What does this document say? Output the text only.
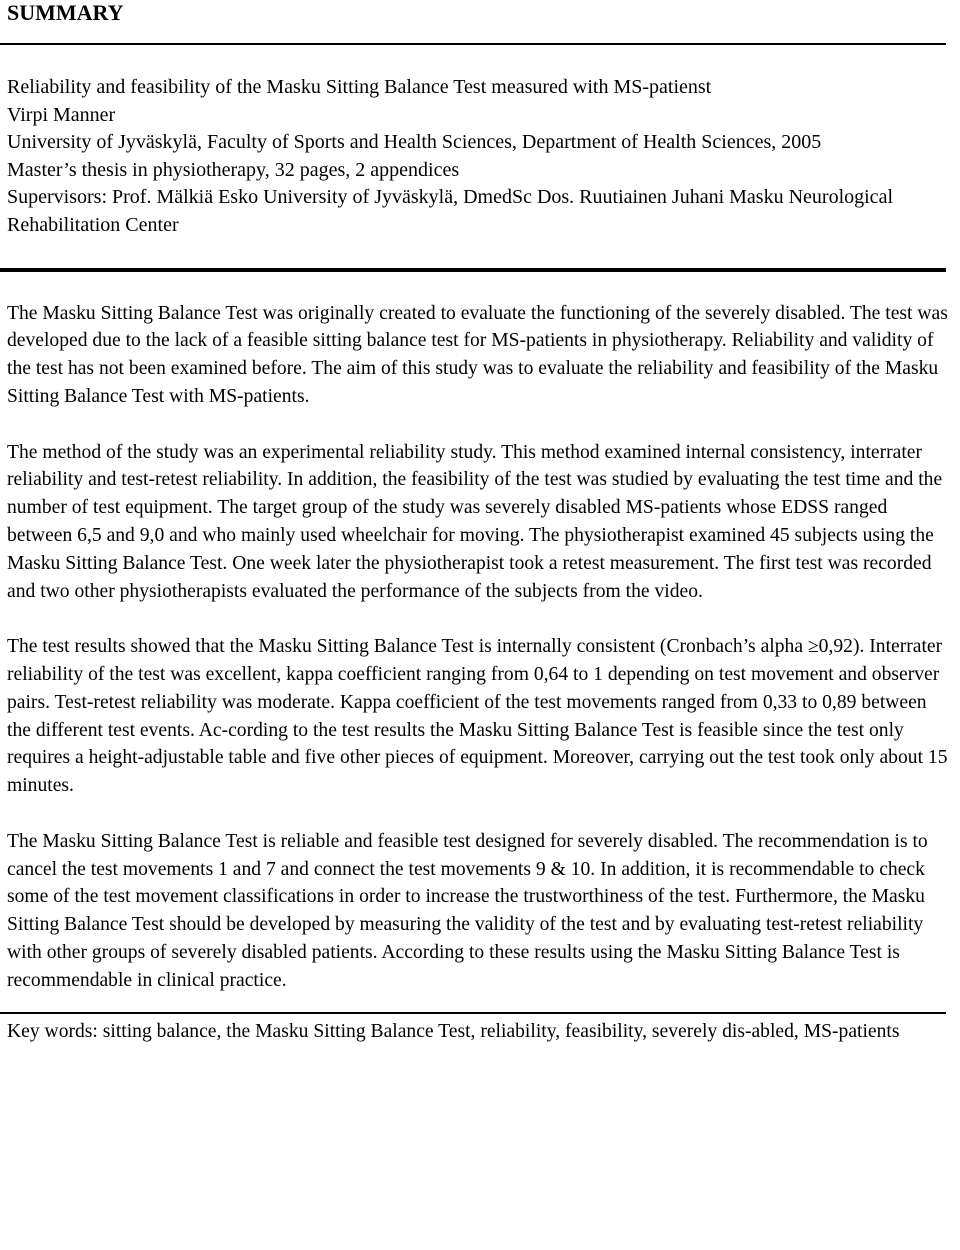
SUMMARY
Reliability and feasibility of the Masku Sitting Balance Test measured with MS-patienst
Virpi Manner
University of Jyväskylä, Faculty of Sports and Health Sciences, Department of Health Sciences, 2005
Master’s thesis in physiotherapy, 32 pages, 2 appendices
Supervisors: Prof. Mälkiä Esko University of Jyväskylä, DmedSc Dos. Ruutiainen Juhani Masku Neurological Rehabilitation Center

The Masku Sitting Balance Test was originally created to evaluate the functioning of the severely disabled. The test was developed due to the lack of a feasible sitting balance test for MS-patients in physiotherapy. Reliability and validity of the test has not been examined before. The aim of this study was to evaluate the reliability and feasibility of the Masku Sitting Balance Test with MS-patients.

The method of the study was an experimental reliability study. This method examined internal consistency, interrater reliability and test-retest reliability. In addition, the feasibility of the test was studied by evaluating the test time and the number of test equipment. The target group of the study was severely disabled MS-patients whose EDSS ranged between 6,5 and 9,0 and who mainly used wheelchair for moving. The physiotherapist examined 45 subjects using the Masku Sitting Balance Test. One week later the physiotherapist took a retest measurement. The first test was recorded and two other physiotherapists evaluated the performance of the subjects from the video.

The test results showed that the Masku Sitting Balance Test is internally consistent (Cronbach’s alpha ≥0,92). Interrater reliability of the test was excellent, kappa coefficient ranging from 0,64 to 1 depending on test movement and observer pairs. Test-retest reliability was moderate. Kappa coefficient of the test movements ranged from 0,33 to 0,89 between the different test events. Ac-cording to the test results the Masku Sitting Balance Test is feasible since the test only requires a height-adjustable table and five other pieces of equipment. Moreover, carrying out the test took only about 15 minutes.

The Masku Sitting Balance Test is reliable and feasible test designed for severely disabled. The recommendation is to cancel the test movements 1 and 7 and connect the test movements 9 & 10. In addition, it is recommendable to check some of the test movement classifications in order to increase the trustworthiness of the test. Furthermore, the Masku Sitting Balance Test should be developed by measuring the validity of the test and by evaluating test-retest reliability with other groups of severely disabled patients. According to these results using the Masku Sitting Balance Test is recommendable in clinical practice.

Key words: sitting balance, the Masku Sitting Balance Test, reliability, feasibility, severely dis-abled, MS-patients
